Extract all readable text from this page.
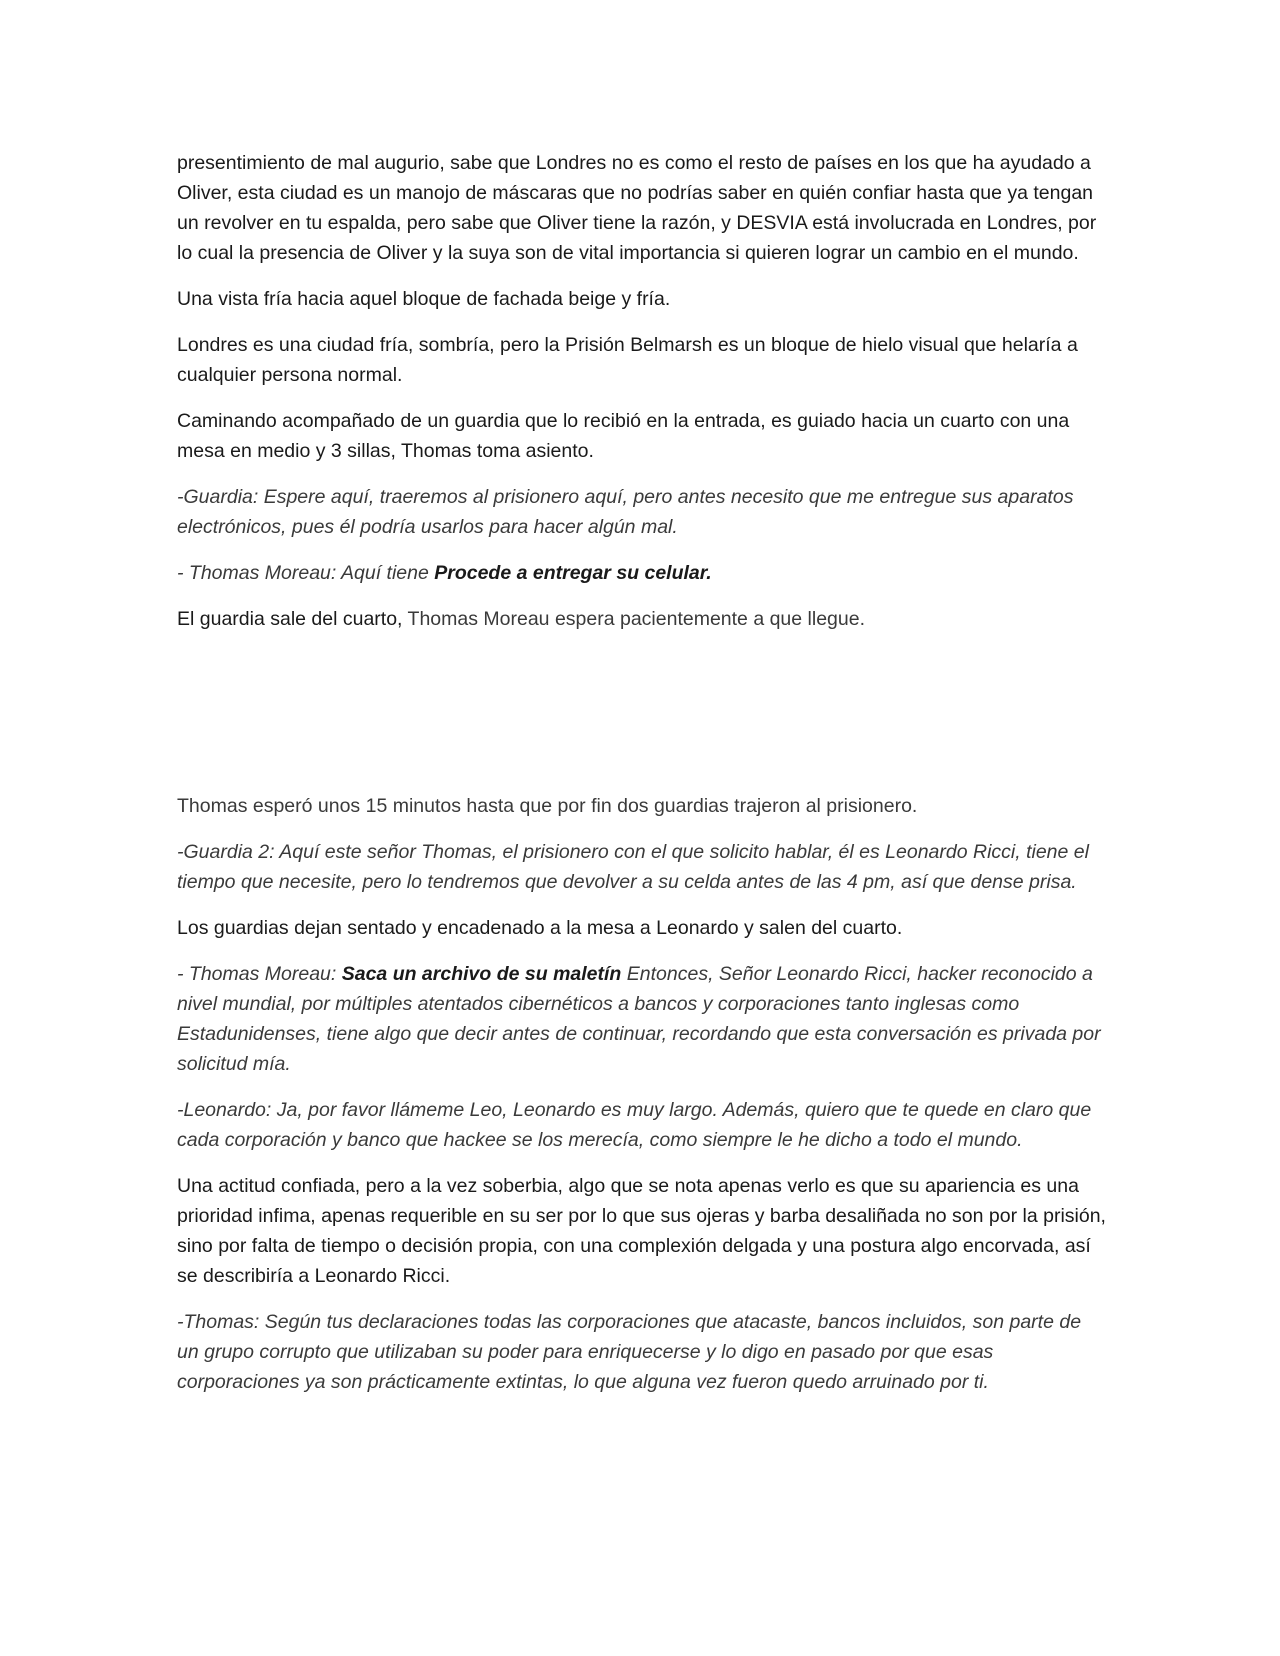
presentimiento de mal augurio, sabe que Londres no es como el resto de países en los que ha ayudado a Oliver, esta ciudad es un manojo de máscaras que no podrías saber en quién confiar hasta que ya tengan un revolver en tu espalda, pero sabe que Oliver tiene la razón, y DESVIA está involucrada en Londres, por lo cual la presencia de Oliver y la suya son de vital importancia si quieren lograr un cambio en el mundo.

Una vista fría hacia aquel bloque de fachada beige y fría.

Londres es una ciudad fría, sombría, pero la Prisión Belmarsh es un bloque de hielo visual que helaría a cualquier persona normal.

Caminando acompañado de un guardia que lo recibió en la entrada, es guiado hacia un cuarto con una mesa en medio y 3 sillas, Thomas toma asiento.

-Guardia: Espere aquí, traeremos al prisionero aquí, pero antes necesito que me entregue sus aparatos electrónicos, pues él podría usarlos para hacer algún mal.

- Thomas Moreau: Aquí tiene Procede a entregar su celular.

El guardia sale del cuarto, Thomas Moreau espera pacientemente a que llegue.

Thomas esperó unos 15 minutos hasta que por fin dos guardias trajeron al prisionero.

-Guardia 2: Aquí este señor Thomas, el prisionero con el que solicito hablar, él es Leonardo Ricci, tiene el tiempo que necesite, pero lo tendremos que devolver a su celda antes de las 4 pm, así que dense prisa.

Los guardias dejan sentado y encadenado a la mesa a Leonardo y salen del cuarto.

- Thomas Moreau: Saca un archivo de su maletín Entonces, Señor Leonardo Ricci, hacker reconocido a nivel mundial, por múltiples atentados cibernéticos a bancos y corporaciones tanto inglesas como Estadunidenses, tiene algo que decir antes de continuar, recordando que esta conversación es privada por solicitud mía.

-Leonardo: Ja, por favor llámeme Leo, Leonardo es muy largo. Además, quiero que te quede en claro que cada corporación y banco que hackee se los merecía, como siempre le he dicho a todo el mundo.

Una actitud confiada, pero a la vez soberbia, algo que se nota apenas verlo es que su apariencia es una prioridad infima, apenas requerible en su ser por lo que sus ojeras y barba desaliñada no son por la prisión, sino por falta de tiempo o decisión propia, con una complexión delgada y una postura algo encorvada, así se describiría a Leonardo Ricci.

-Thomas: Según tus declaraciones todas las corporaciones que atacaste, bancos incluidos, son parte de un grupo corrupto que utilizaban su poder para enriquecerse y lo digo en pasado por que esas corporaciones ya son prácticamente extintas, lo que alguna vez fueron quedo arruinado por ti.
